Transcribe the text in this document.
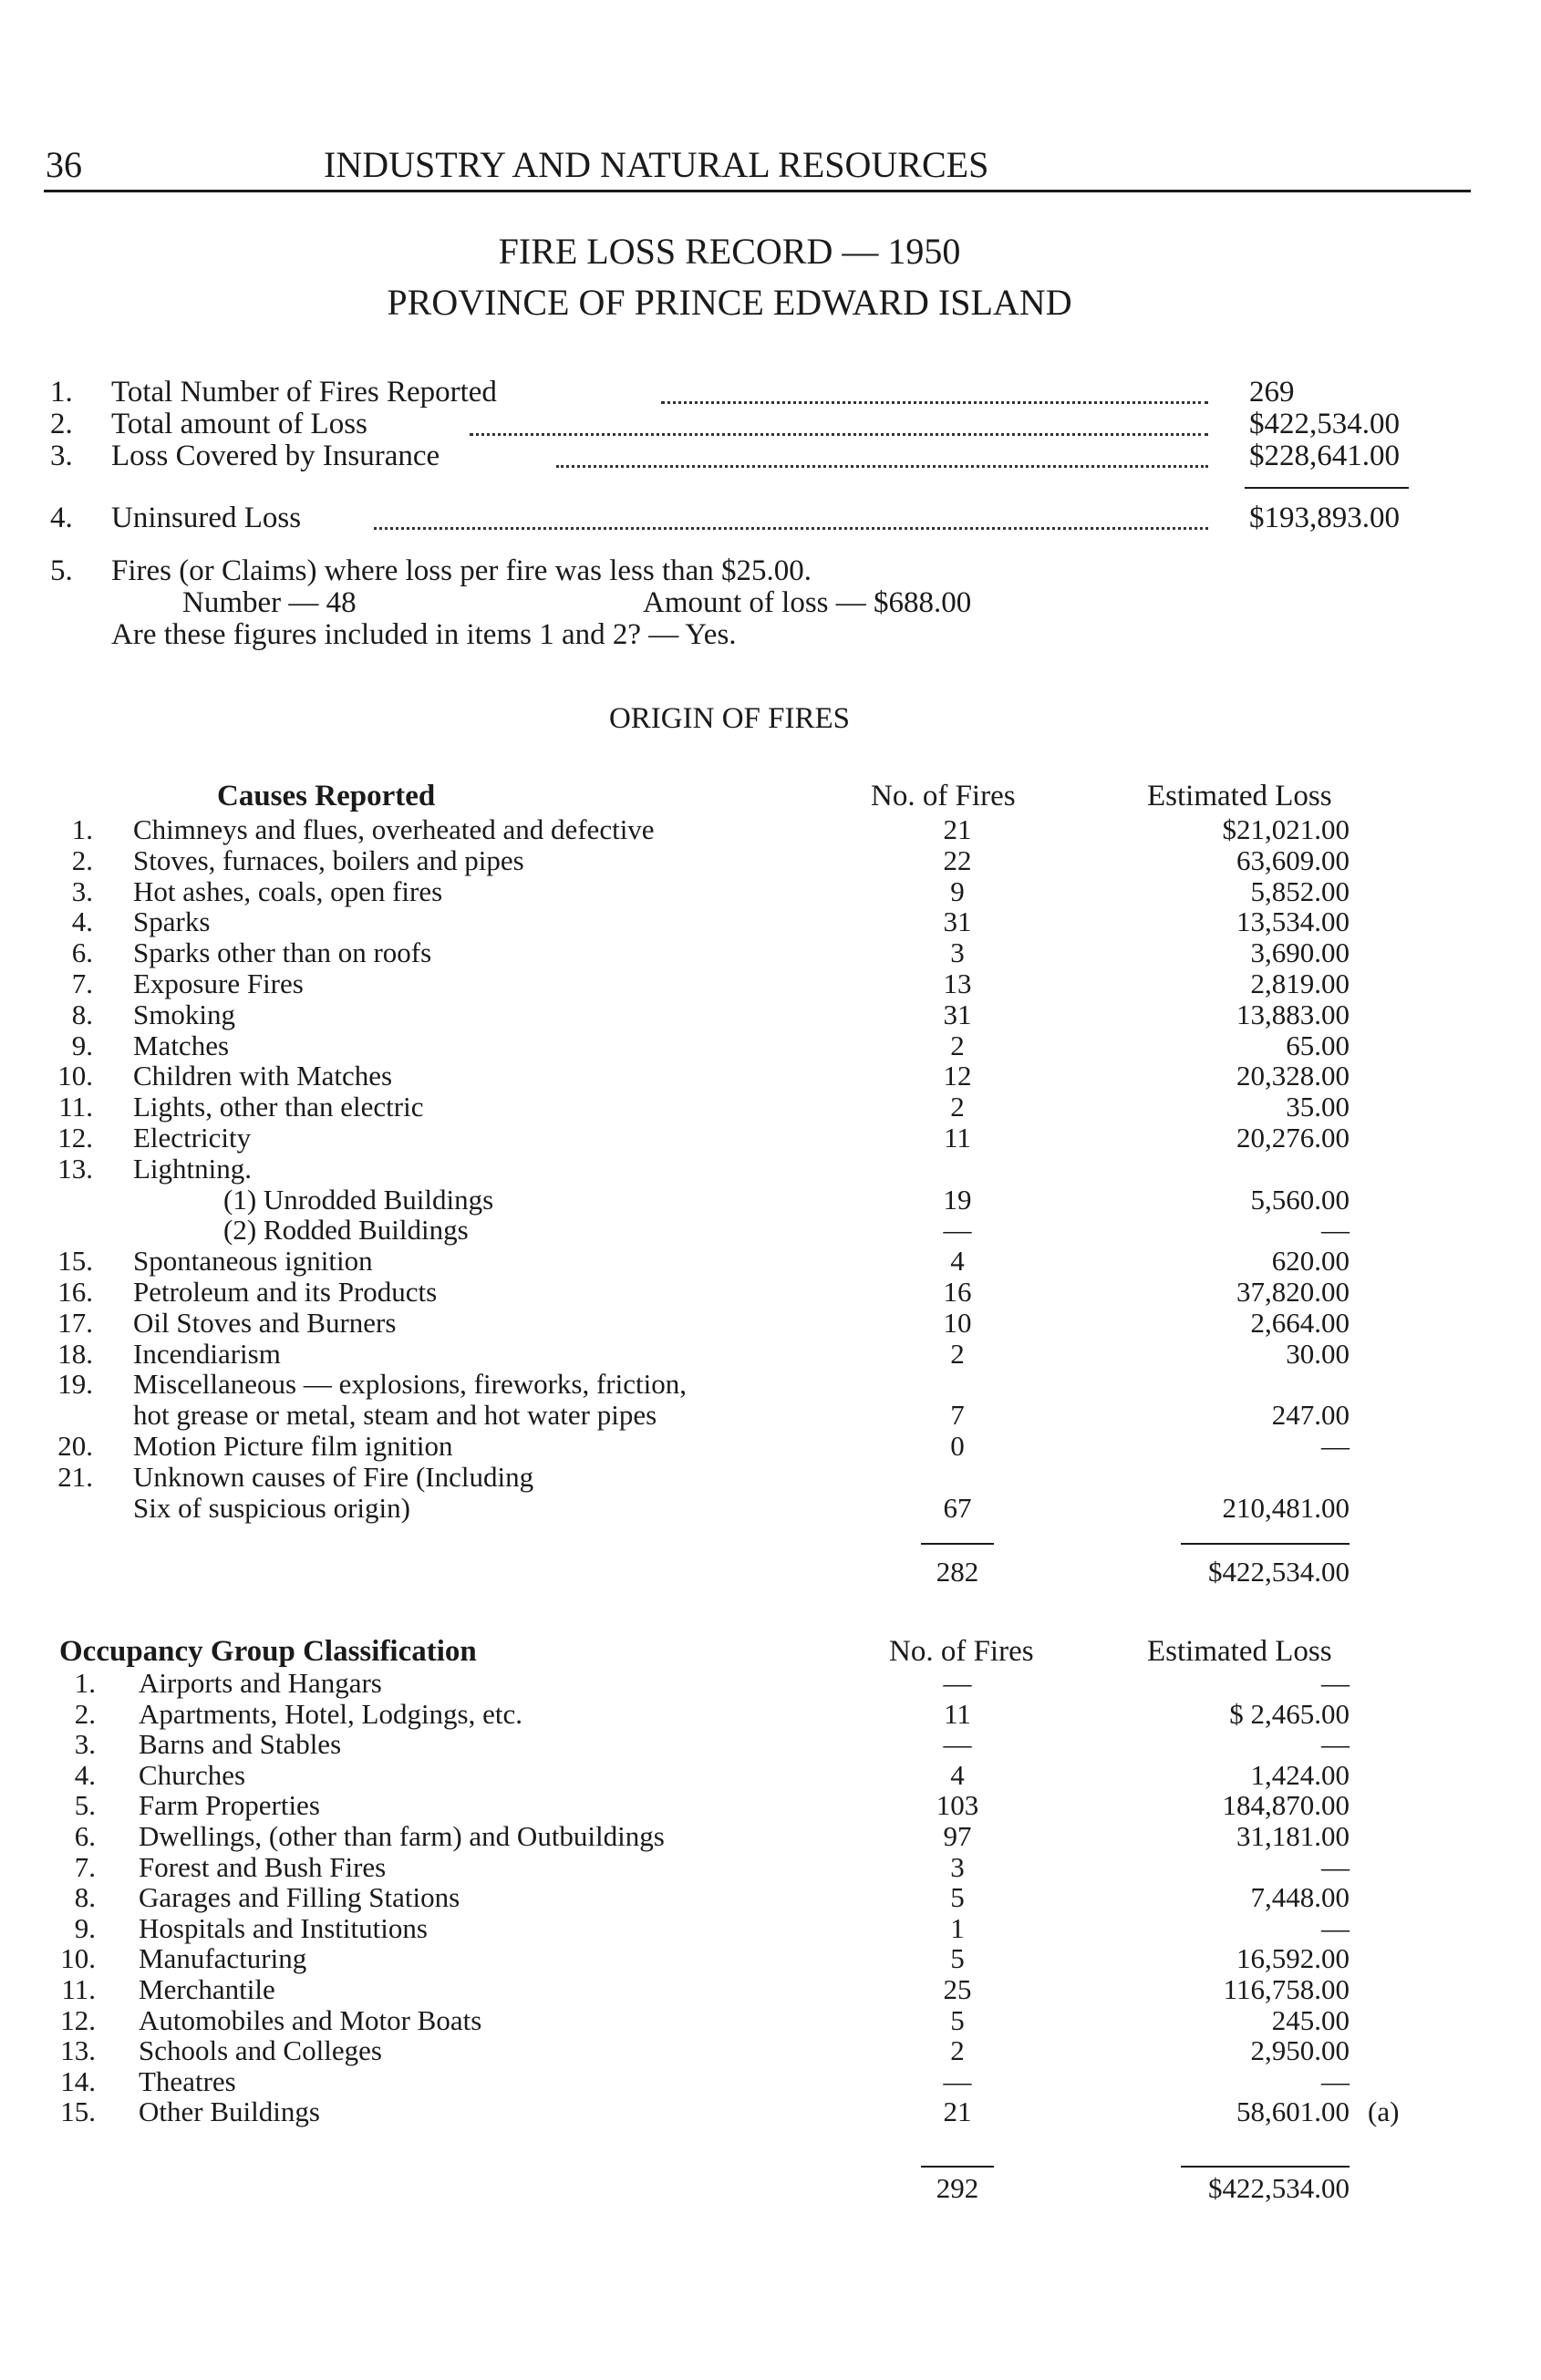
36	INDUSTRY AND NATURAL RESOURCES
FIRE LOSS RECORD — 1950
PROVINCE OF PRINCE EDWARD ISLAND
1. Total Number of Fires Reported	269
2. Total amount of Loss	$422,534.00
3. Loss Covered by Insurance	$228,641.00
4. Uninsured Loss	$193,893.00
5. Fires (or Claims) where loss per fire was less than $25.00.
Number — 48	Amount of loss — $688.00
Are these figures included in items 1 and 2? — Yes.
ORIGIN OF FIRES
Causes Reported	No. of Fires	Estimated Loss
1. Chimneys and flues, overheated and defective	21	$21,021.00
2. Stoves, furnaces, boilers and pipes	22	63,609.00
3. Hot ashes, coals, open fires	9	5,852.00
4. Sparks	31	13,534.00
6. Sparks other than on roofs	3	3,690.00
7. Exposure Fires	13	2,819.00
8. Smoking	31	13,883.00
9. Matches	2	65.00
10. Children with Matches	12	20,328.00
11. Lights, other than electric	2	35.00
12. Electricity	11	20,276.00
13. Lightning.
(1) Unrodded Buildings	19	5,560.00
(2) Rodded Buildings	—	—
15. Spontaneous ignition	4	620.00
16. Petroleum and its Products	16	37,820.00
17. Oil Stoves and Burners	10	2,664.00
18. Incendiarism	2	30.00
19. Miscellaneous — explosions, fireworks, friction,
hot grease or metal, steam and hot water pipes	7	247.00
20. Motion Picture film ignition	0	—
21. Unknown causes of Fire (Including
Six of suspicious origin)	67	210,481.00
282	$422,534.00
Occupancy Group Classification	No. of Fires	Estimated Loss
1. Airports and Hangars	—	—
2. Apartments, Hotel, Lodgings, etc.	11	$ 2,465.00
3. Barns and Stables	—	—
4. Churches	4	1,424.00
5. Farm Properties	103	184,870.00
6. Dwellings, (other than farm) and Outbuildings	97	31,181.00
7. Forest and Bush Fires	3	—
8. Garages and Filling Stations	5	7,448.00
9. Hospitals and Institutions	1	—
10. Manufacturing	5	16,592.00
11. Merchantile	25	116,758.00
12. Automobiles and Motor Boats	5	245.00
13. Schools and Colleges	2	2,950.00
14. Theatres	—	—
15. Other Buildings	21	58,601.00 (a)
292	$422,534.00
